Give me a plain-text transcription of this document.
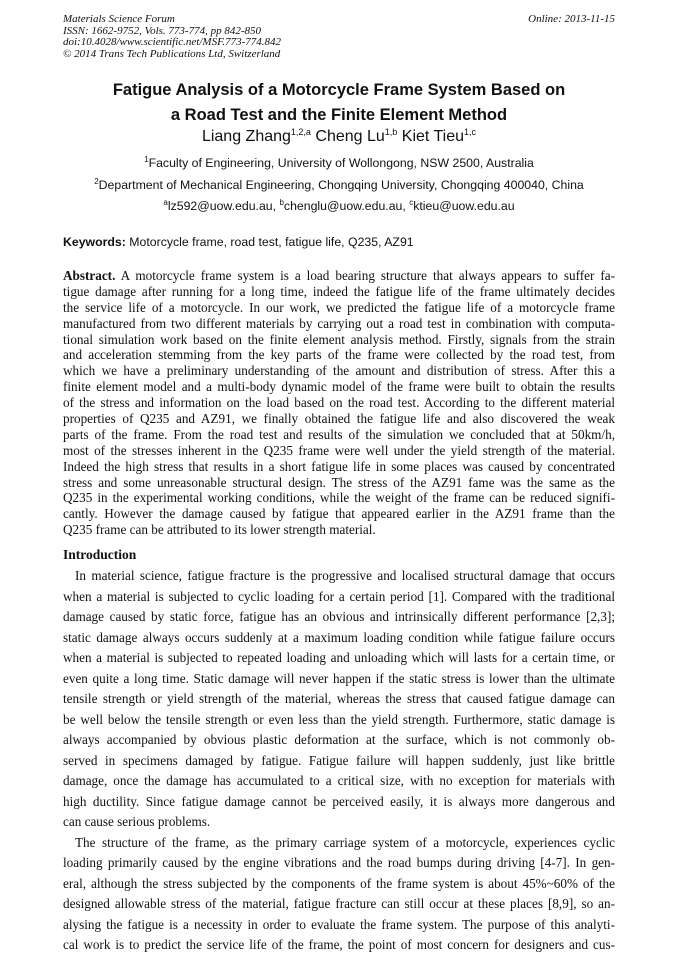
Materials Science Forum
ISSN: 1662-9752, Vols. 773-774, pp 842-850
doi:10.4028/www.scientific.net/MSF.773-774.842
© 2014 Trans Tech Publications Ltd, Switzerland
Online: 2013-11-15
Fatigue Analysis of a Motorcycle Frame System Based on
a Road Test and the Finite Element Method
Liang Zhang$^{1,2,a}$ Cheng Lu$^{1,b}$ Kiet Tieu$^{1,c}$
$^1$Faculty of Engineering, University of Wollongong, NSW 2500, Australia
$^2$Department of Mechanical Engineering, Chongqing University, Chongqing 400040, China
$^a$lz592@uow.edu.au, $^b$chenglu@uow.edu.au, $^c$ktieu@uow.edu.au
Keywords: Motorcycle frame, road test, fatigue life, Q235, AZ91
Abstract. A motorcycle frame system is a load bearing structure that always appears to suffer fa-
tigue damage after running for a long time, indeed the fatigue life of the frame ultimately decides
the service life of a motorcycle. In our work, we predicted the fatigue life of a motorcycle frame
manufactured from two different materials by carrying out a road test in combination with computa-
tional simulation work based on the finite element analysis method. Firstly, signals from the strain
and acceleration stemming from the key parts of the frame were collected by the road test, from
which we have a preliminary understanding of the amount and distribution of stress. After this a
finite element model and a multi-body dynamic model of the frame were built to obtain the results
of the stress and information on the load based on the road test. According to the different material
properties of Q235 and AZ91, we finally obtained the fatigue life and also discovered the weak
parts of the frame. From the road test and results of the simulation we concluded that at 50km/h,
most of the stresses inherent in the Q235 frame were well under the yield strength of the material.
Indeed the high stress that results in a short fatigue life in some places was caused by concentrated
stress and some unreasonable structural design. The stress of the AZ91 fame was the same as the
Q235 in the experimental working conditions, while the weight of the frame can be reduced signifi-
cantly. However the damage caused by fatigue that appeared earlier in the AZ91 frame than the
Q235 frame can be attributed to its lower strength material.
Introduction
In material science, fatigue fracture is the progressive and localised structural damage that occurs
when a material is subjected to cyclic loading for a certain period [1]. Compared with the traditional
damage caused by static force, fatigue has an obvious and intrinsically different performance [2,3];
static damage always occurs suddenly at a maximum loading condition while fatigue failure occurs
when a material is subjected to repeated loading and unloading which will lasts for a certain time, or
even quite a long time. Static damage will never happen if the static stress is lower than the ultimate
tensile strength or yield strength of the material, whereas the stress that caused fatigue damage can
be well below the tensile strength or even less than the yield strength. Furthermore, static damage is
always accompanied by obvious plastic deformation at the surface, which is not commonly ob-
served in specimens damaged by fatigue. Fatigue failure will happen suddenly, just like brittle
damage, once the damage has accumulated to a critical size, with no exception for materials with
high ductility. Since fatigue damage cannot be perceived easily, it is always more dangerous and
can cause serious problems.
The structure of the frame, as the primary carriage system of a motorcycle, experiences cyclic
loading primarily caused by the engine vibrations and the road bumps during driving [4-7]. In gen-
eral, although the stress subjected by the components of the frame system is about 45%~60% of the
designed allowable stress of the material, fatigue fracture can still occur at these places [8,9], so an-
alysing the fatigue is a necessity in order to evaluate the frame system. The purpose of this analyti-
cal work is to predict the service life of the frame, the point of most concern for designers and cus-
